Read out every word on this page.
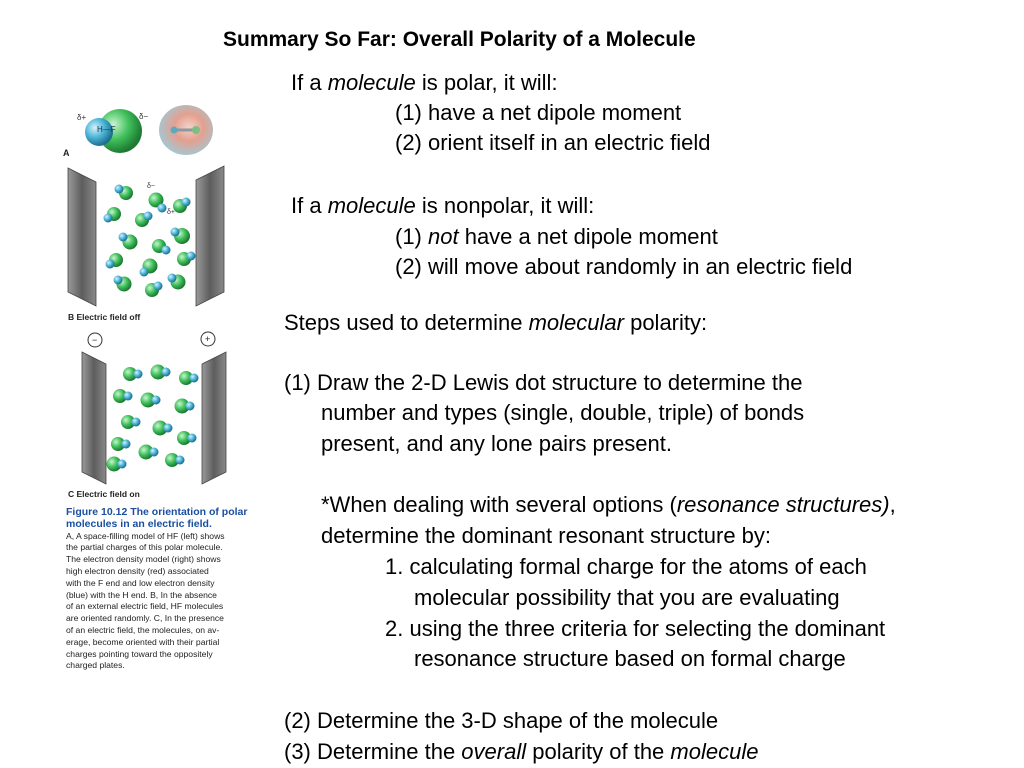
Summary So Far: Overall Polarity of a Molecule
If a molecule is polar, it will:
(1) have a net dipole moment
(2) orient itself in an electric field
If a molecule is nonpolar, it will:
(1) not have a net dipole moment
(2) will move about randomly in an electric field
Steps used to determine molecular polarity:
(1) Draw the 2-D Lewis dot structure to determine the
number and types (single, double, triple) of bonds
present, and any lone pairs present.
*When dealing with several options (resonance structures),
determine the dominant resonant structure by:
1. calculating formal charge for the atoms of each
molecular possibility that you are evaluating
2. using the three criteria for selecting the dominant
resonance structure based on formal charge
(2) Determine the 3-D shape of the molecule
(3) Determine the overall polarity of the molecule
H—F
δ+	δ−
A
δ−
δ+
B Electric field off
−	+
C Electric field on
Figure 10.12 The orientation of polar
molecules in an electric field.
A, A space-filling model of HF (left) shows
the partial charges of this polar molecule.
The electron density model (right) shows
high electron density (red) associated
with the F end and low electron density
(blue) with the H end. B, In the absence
of an external electric field, HF molecules
are oriented randomly. C, In the presence
of an electric field, the molecules, on av-
erage, become oriented with their partial
charges pointing toward the oppositely
charged plates.
